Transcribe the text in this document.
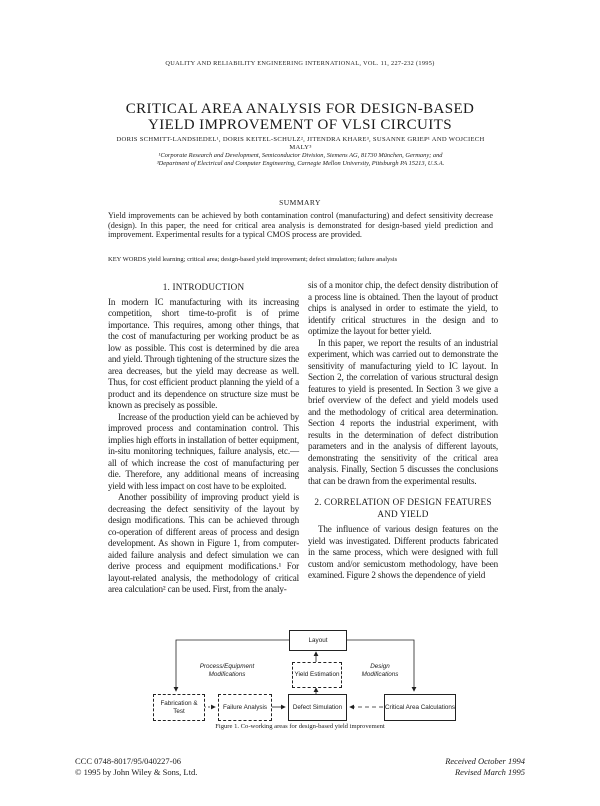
QUALITY AND RELIABILITY ENGINEERING INTERNATIONAL, VOL. 11, 227-232 (1995)
CRITICAL AREA ANALYSIS FOR DESIGN-BASED
YIELD IMPROVEMENT OF VLSI CIRCUITS
DORIS SCHMITT-LANDSIEDEL¹, DORIS KEITEL-SCHULZ², JITENDRA KHARE³, SUSANNE GRIEP¹ AND WOJCIECH MALY³
¹Corporate Research and Development, Semiconductor Division, Siemens AG, 81730 München, Germany; and
³Department of Electrical and Computer Engineering, Carnegie Mellon University, Pittsburgh PA 15213, U.S.A.
SUMMARY
Yield improvements can be achieved by both contamination control (manufacturing) and defect sensitivity decrease (design). In this paper, the need for critical area analysis is demonstrated for design-based yield prediction and improvement. Experimental results for a typical CMOS process are provided.
KEY WORDS yield learning; critical area; design-based yield improvement; defect simulation; failure analysis
1. INTRODUCTION

In modern IC manufacturing with its increasing competition, short time-to-profit is of prime importance. This requires, among other things, that the cost of manufacturing per working product be as low as possible. This cost is determined by die area and yield. Through tightening of the structure sizes the area decreases, but the yield may decrease as well. Thus, for cost efficient product planning the yield of a product and its dependence on structure size must be known as precisely as possible.

Increase of the production yield can be achieved by improved process and contamination control. This implies high efforts in installation of better equipment, in-situ monitoring techniques, failure analysis, etc.—all of which increase the cost of manufacturing per die. Therefore, any additional means of increasing yield with less impact on cost have to be exploited.

Another possibility of improving product yield is decreasing the defect sensitivity of the layout by design modifications. This can be achieved through co-operation of different areas of process and design development. As shown in Figure 1, from computer-aided failure analysis and defect simulation we can derive process and equipment modifications.¹ For layout-related analysis, the methodology of critical area calculation² can be used. First, from the analy-

sis of a monitor chip, the defect density distribution of a process line is obtained. Then the layout of product chips is analysed in order to estimate the yield, to identify critical structures in the design and to optimize the layout for better yield.

In this paper, we report the results of an industrial experiment, which was carried out to demonstrate the sensitivity of manufacturing yield to IC layout. In Section 2, the correlation of various structural design features to yield is presented. In Section 3 we give a brief overview of the defect and yield models used and the methodology of critical area determination. Section 4 reports the industrial experiment, with results in the determination of defect distribution parameters and in the analysis of different layouts, demonstrating the sensitivity of the critical area analysis. Finally, Section 5 discusses the conclusions that can be drawn from the experimental results.

2. CORRELATION OF DESIGN FEATURES
AND YIELD

The influence of various design features on the yield was investigated. Different products fabricated in the same process, which were designed with full custom and/or semicustom methodology, have been examined. Figure 2 shows the dependence of yield

Layout
Yield Estimation
Fabrication & Test
Failure Analysis	Defect Simulation	Critical Area Calculations
Process/Equipment Modifications
Design Modifications
Figure 1. Co-working areas for design-based yield improvement
CCC 0748-8017/95/040227-06
© 1995 by John Wiley & Sons, Ltd.
Received October 1994
Revised March 1995
